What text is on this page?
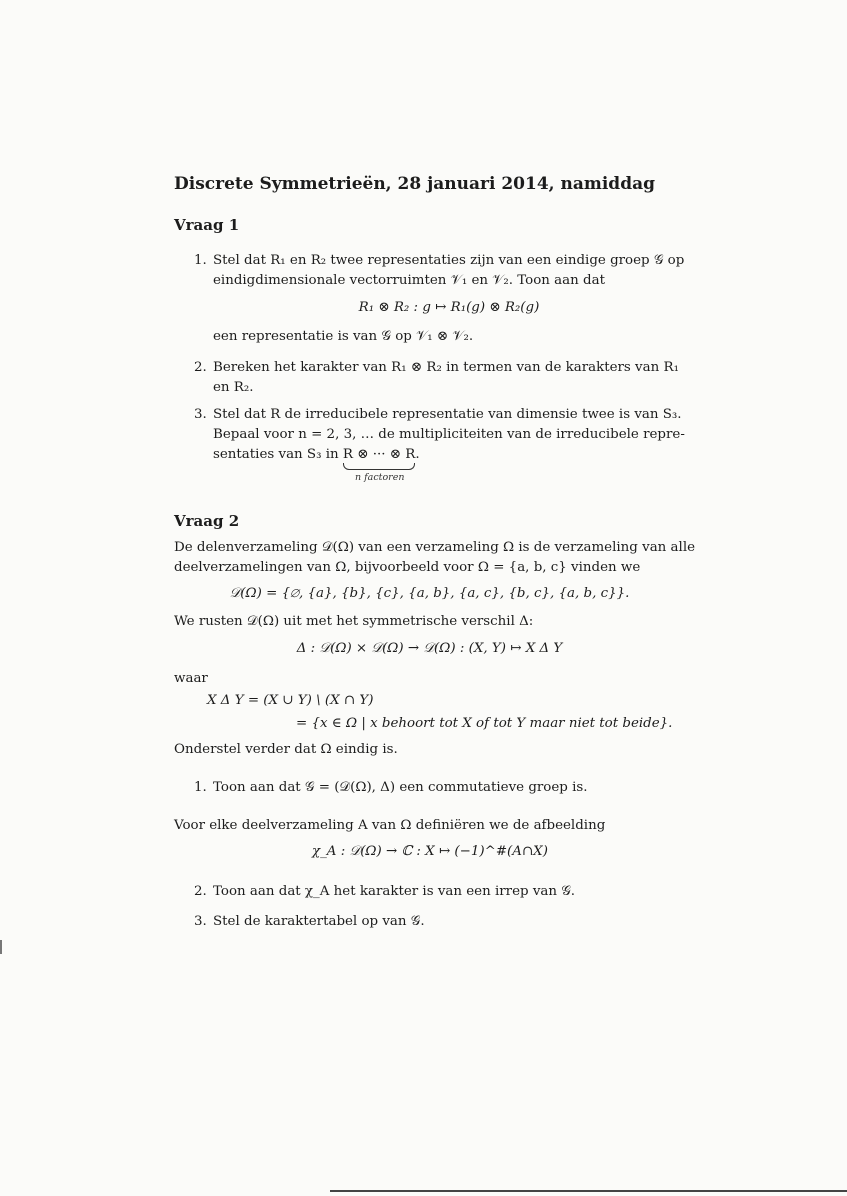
Discrete Symmetrieën, 28 januari 2014, namiddag
Vraag 1
1. Stel dat R₁ en R₂ twee representaties zijn van een eindige groep 𝒢 op
eindigdimensionale vectorruimten 𝒱₁ en 𝒱₂. Toon aan dat
R₁ ⊗ R₂ : g ↦ R₁(g) ⊗ R₂(g)
een representatie is van 𝒢 op 𝒱₁ ⊗ 𝒱₂.
2. Bereken het karakter van R₁ ⊗ R₂ in termen van de karakters van R₁
en R₂.
3. Stel dat R de irreducibele representatie van dimensie twee is van S₃.
Bepaal voor n = 2, 3, … de multipliciteiten van de irreducibele repre-
sentaties van S₃ in R ⊗ ··· ⊗ R
.
n factoren
Vraag 2
De delenverzameling 𝒟(Ω) van een verzameling Ω is de verzameling van alle
deelverzamelingen van Ω, bijvoorbeeld voor Ω = {a, b, c} vinden we
𝒟(Ω) = {∅, {a}, {b}, {c}, {a, b}, {a, c}, {b, c}, {a, b, c}}.
We rusten 𝒟(Ω) uit met het symmetrische verschil Δ:
Δ : 𝒟(Ω) × 𝒟(Ω) → 𝒟(Ω) : (X, Y) ↦ X Δ Y
waar
X Δ Y = (X ∪ Y) \ (X ∩ Y)
= {x ∈ Ω | x behoort tot X of tot Y maar niet tot beide}.
Onderstel verder dat Ω eindig is.
1. Toon aan dat 𝒢 = (𝒟(Ω), Δ) een commutatieve groep is.
Voor elke deelverzameling A van Ω definiëren we de afbeelding
χ_A : 𝒟(Ω) → ℂ : X ↦ (−1)^#(A∩X)
2. Toon aan dat χ_A het karakter is van een irrep van 𝒢.
3. Stel de karaktertabel op van 𝒢.
